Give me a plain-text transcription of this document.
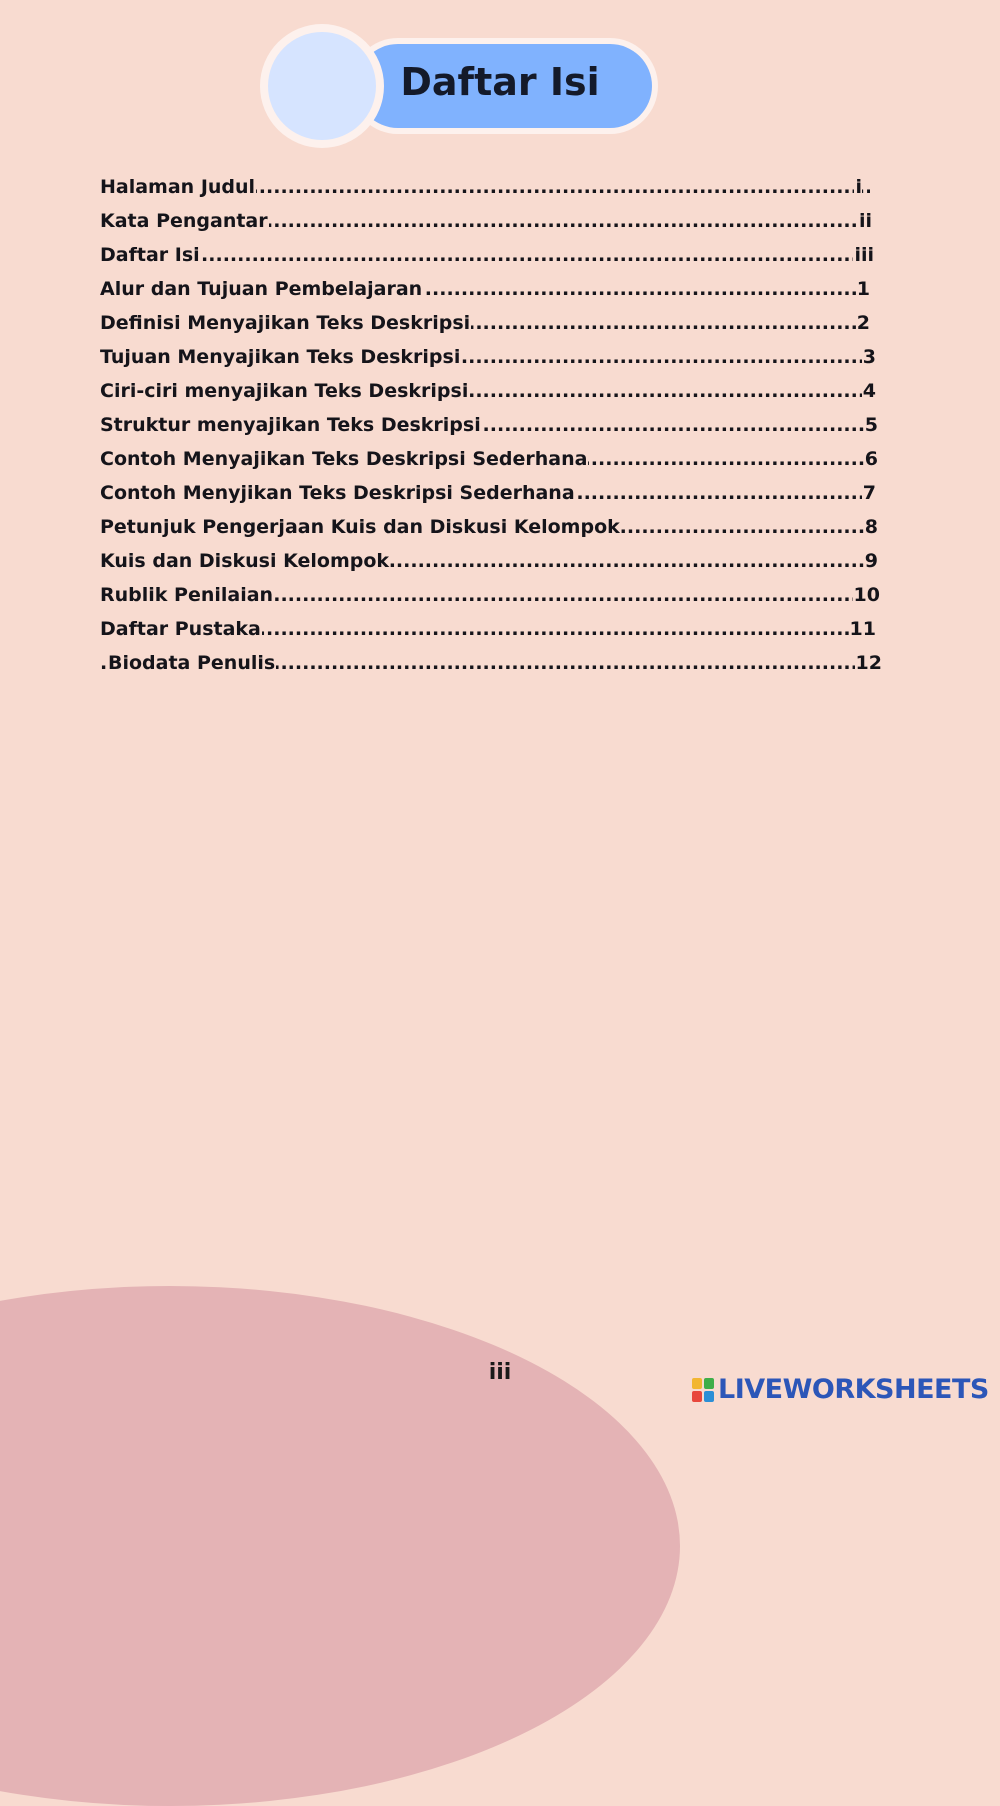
Daftar Isi
.....
Halaman Judul	i
.....
Kata Pengantar	ii
.....
Daftar Isi	iii
.....
Alur dan Tujuan Pembelajaran	1
.....
Definisi Menyajikan Teks Deskripsi	2
.....
Tujuan Menyajikan Teks Deskripsi	3
.....
Ciri-ciri menyajikan Teks Deskripsi	4
.....
Struktur menyajikan Teks Deskripsi	5
.....
Contoh Menyajikan Teks Deskripsi Sederhana	6
.....
Contoh Menyjikan Teks Deskripsi Sederhana	7
.....
Petunjuk Pengerjaan Kuis dan Diskusi Kelompok	8
.....
Kuis dan Diskusi Kelompok	9
.....
Rublik Penilaian	10
.....
Daftar Pustaka	11
.....
Biodata Penulis	12
iii
LIVEWORKSHEETS
